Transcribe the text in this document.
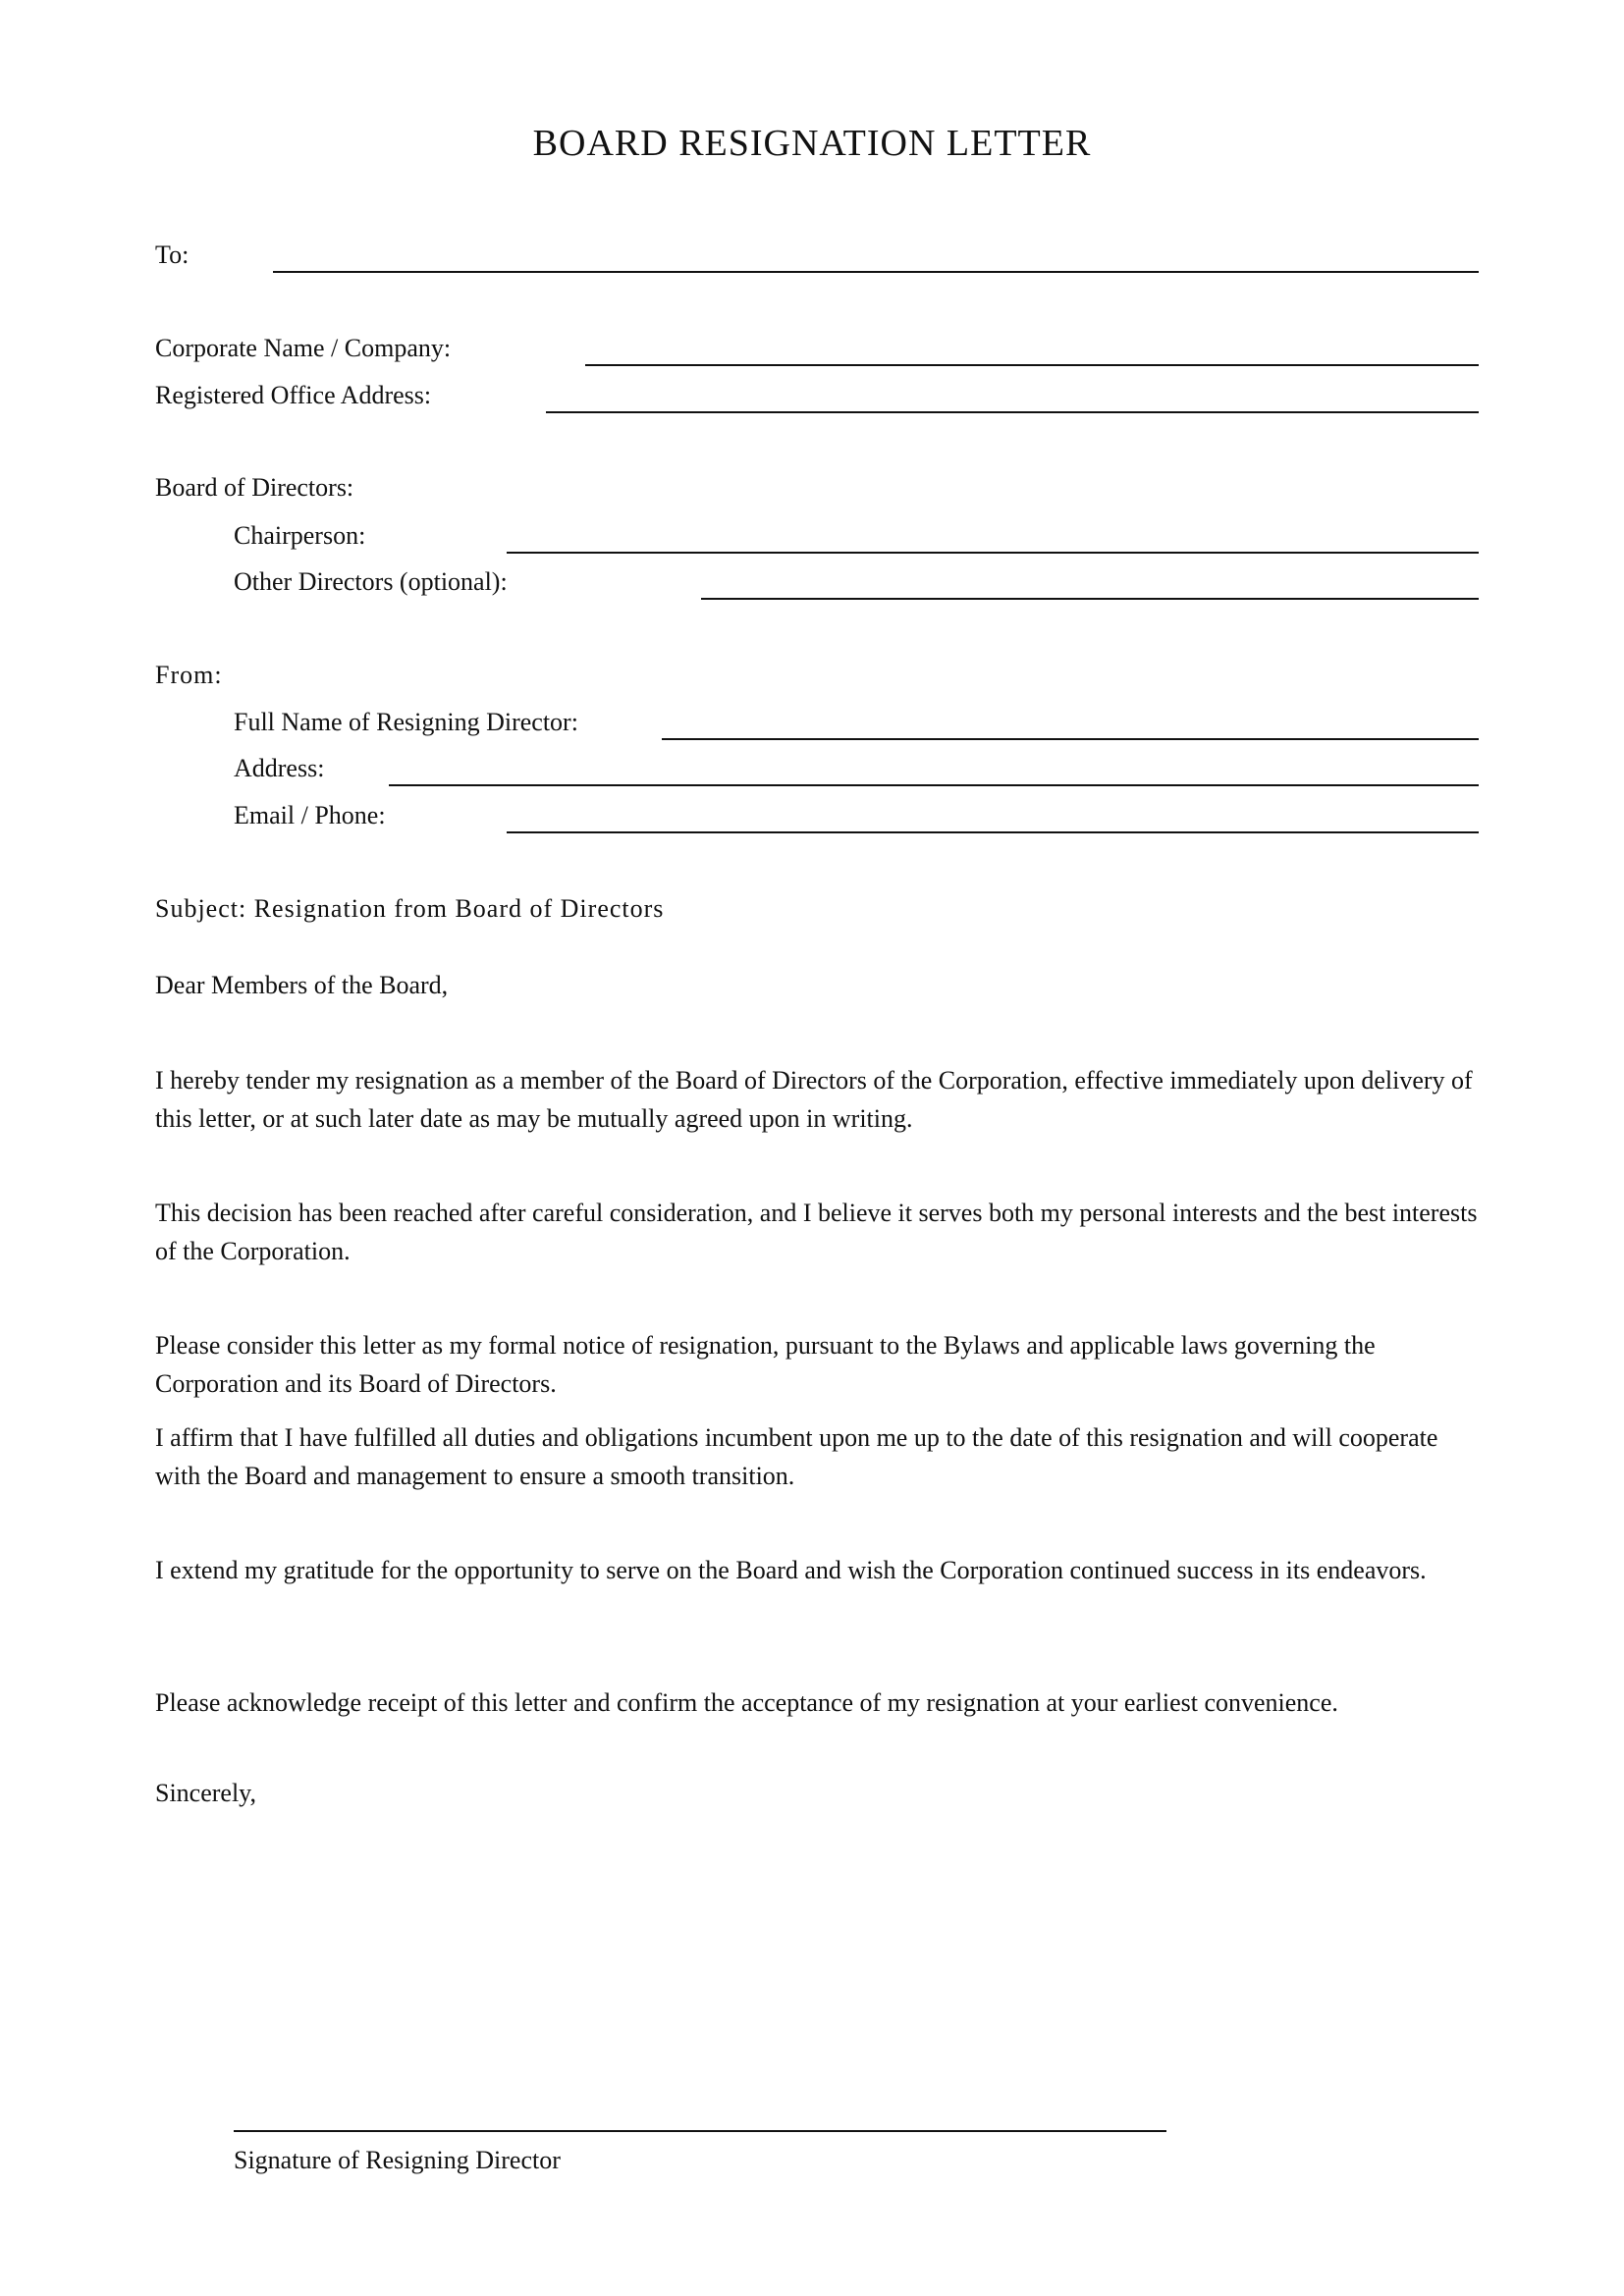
BOARD RESIGNATION LETTER
To:
Corporate Name / Company:
Registered Office Address:
Board of Directors:
Chairperson:
Other Directors (optional):
From:
Full Name of Resigning Director:
Address:
Email / Phone:
Subject: Resignation from Board of Directors
Dear Members of the Board,

I hereby tender my resignation as a member of the Board of Directors of the Corporation, effective immediately upon delivery of this letter, or at such later date as may be mutually agreed upon in writing.

This decision has been reached after careful consideration, and I believe it serves both my personal interests and the best interests of the Corporation.

Please consider this letter as my formal notice of resignation, pursuant to the Bylaws and applicable laws governing the Corporation and its Board of Directors.

I affirm that I have fulfilled all duties and obligations incumbent upon me up to the date of this resignation and will cooperate with the Board and management to ensure a smooth transition.

I extend my gratitude for the opportunity to serve on the Board and wish the Corporation continued success in its endeavors.

Please acknowledge receipt of this letter and confirm the acceptance of my resignation at your earliest convenience.

Sincerely,
Signature of Resigning Director
